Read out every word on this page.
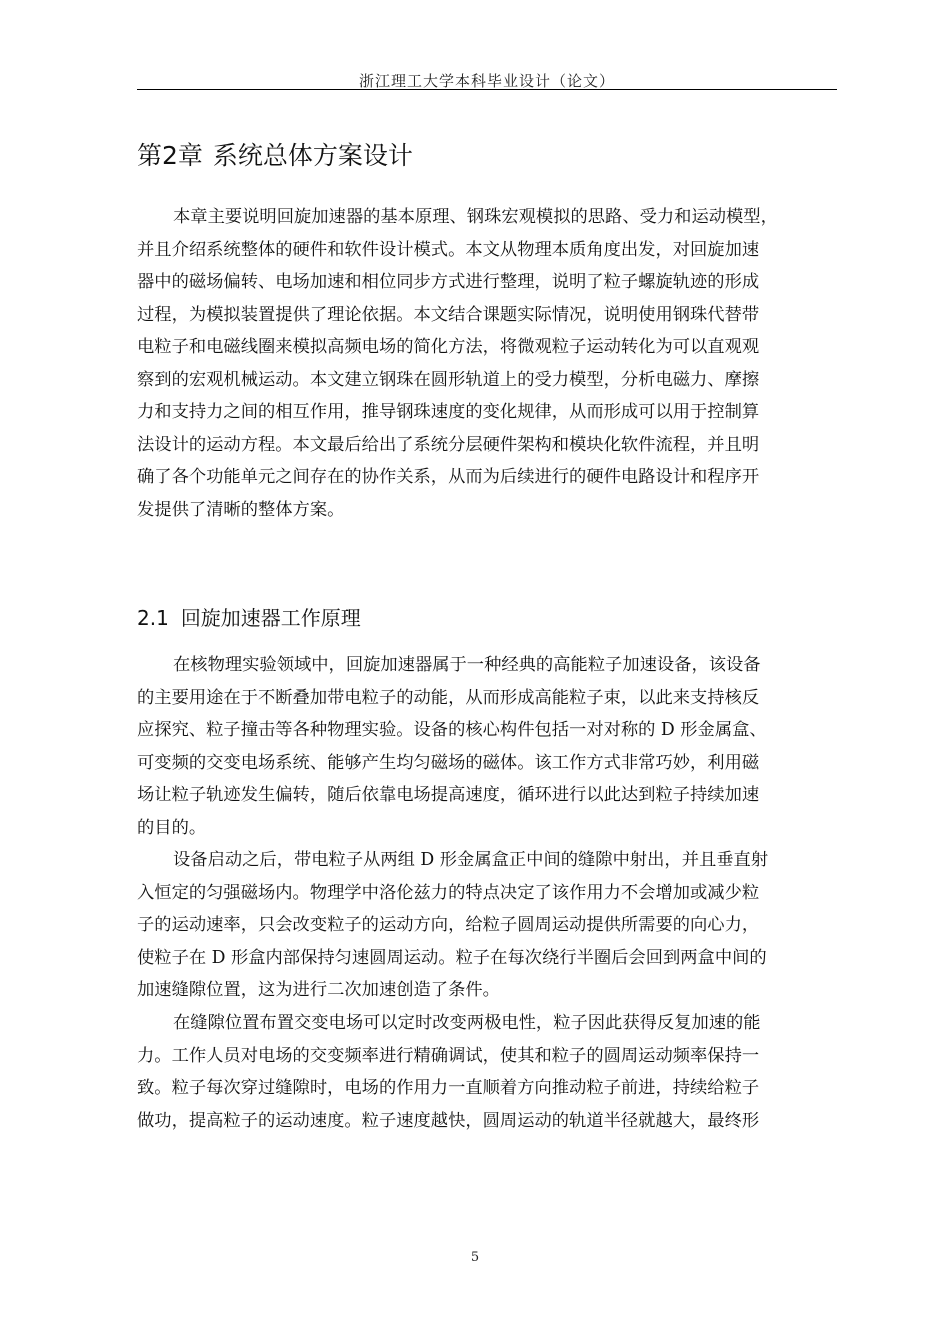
浙江理工大学本科毕业设计（论文）
第2章 系统总体方案设计
本章主要说明回旋加速器的基本原理、钢珠宏观模拟的思路、受力和运动模型，
并且介绍系统整体的硬件和软件设计模式。本文从物理本质角度出发，对回旋加速
器中的磁场偏转、电场加速和相位同步方式进行整理，说明了粒子螺旋轨迹的形成
过程，为模拟装置提供了理论依据。本文结合课题实际情况，说明使用钢珠代替带
电粒子和电磁线圈来模拟高频电场的简化方法，将微观粒子运动转化为可以直观观
察到的宏观机械运动。本文建立钢珠在圆形轨道上的受力模型，分析电磁力、摩擦
力和支持力之间的相互作用，推导钢珠速度的变化规律，从而形成可以用于控制算
法设计的运动方程。本文最后给出了系统分层硬件架构和模块化软件流程，并且明
确了各个功能单元之间存在的协作关系，从而为后续进行的硬件电路设计和程序开
发提供了清晰的整体方案。
2.1 回旋加速器工作原理
在核物理实验领域中，回旋加速器属于一种经典的高能粒子加速设备，该设备
的主要用途在于不断叠加带电粒子的动能，从而形成高能粒子束，以此来支持核反
应探究、粒子撞击等各种物理实验。设备的核心构件包括一对对称的 D 形金属盒、
可变频的交变电场系统、能够产生均匀磁场的磁体。该工作方式非常巧妙，利用磁
场让粒子轨迹发生偏转，随后依靠电场提高速度，循环进行以此达到粒子持续加速
的目的。
设备启动之后，带电粒子从两组 D 形金属盒正中间的缝隙中射出，并且垂直射
入恒定的匀强磁场内。物理学中洛伦兹力的特点决定了该作用力不会增加或减少粒
子的运动速率，只会改变粒子的运动方向，给粒子圆周运动提供所需要的向心力，
使粒子在 D 形盒内部保持匀速圆周运动。粒子在每次绕行半圈后会回到两盒中间的
加速缝隙位置，这为进行二次加速创造了条件。
在缝隙位置布置交变电场可以定时改变两极电性，粒子因此获得反复加速的能
力。工作人员对电场的交变频率进行精确调试，使其和粒子的圆周运动频率保持一
致。粒子每次穿过缝隙时，电场的作用力一直顺着方向推动粒子前进，持续给粒子
做功，提高粒子的运动速度。粒子速度越快，圆周运动的轨道半径就越大，最终形
5
